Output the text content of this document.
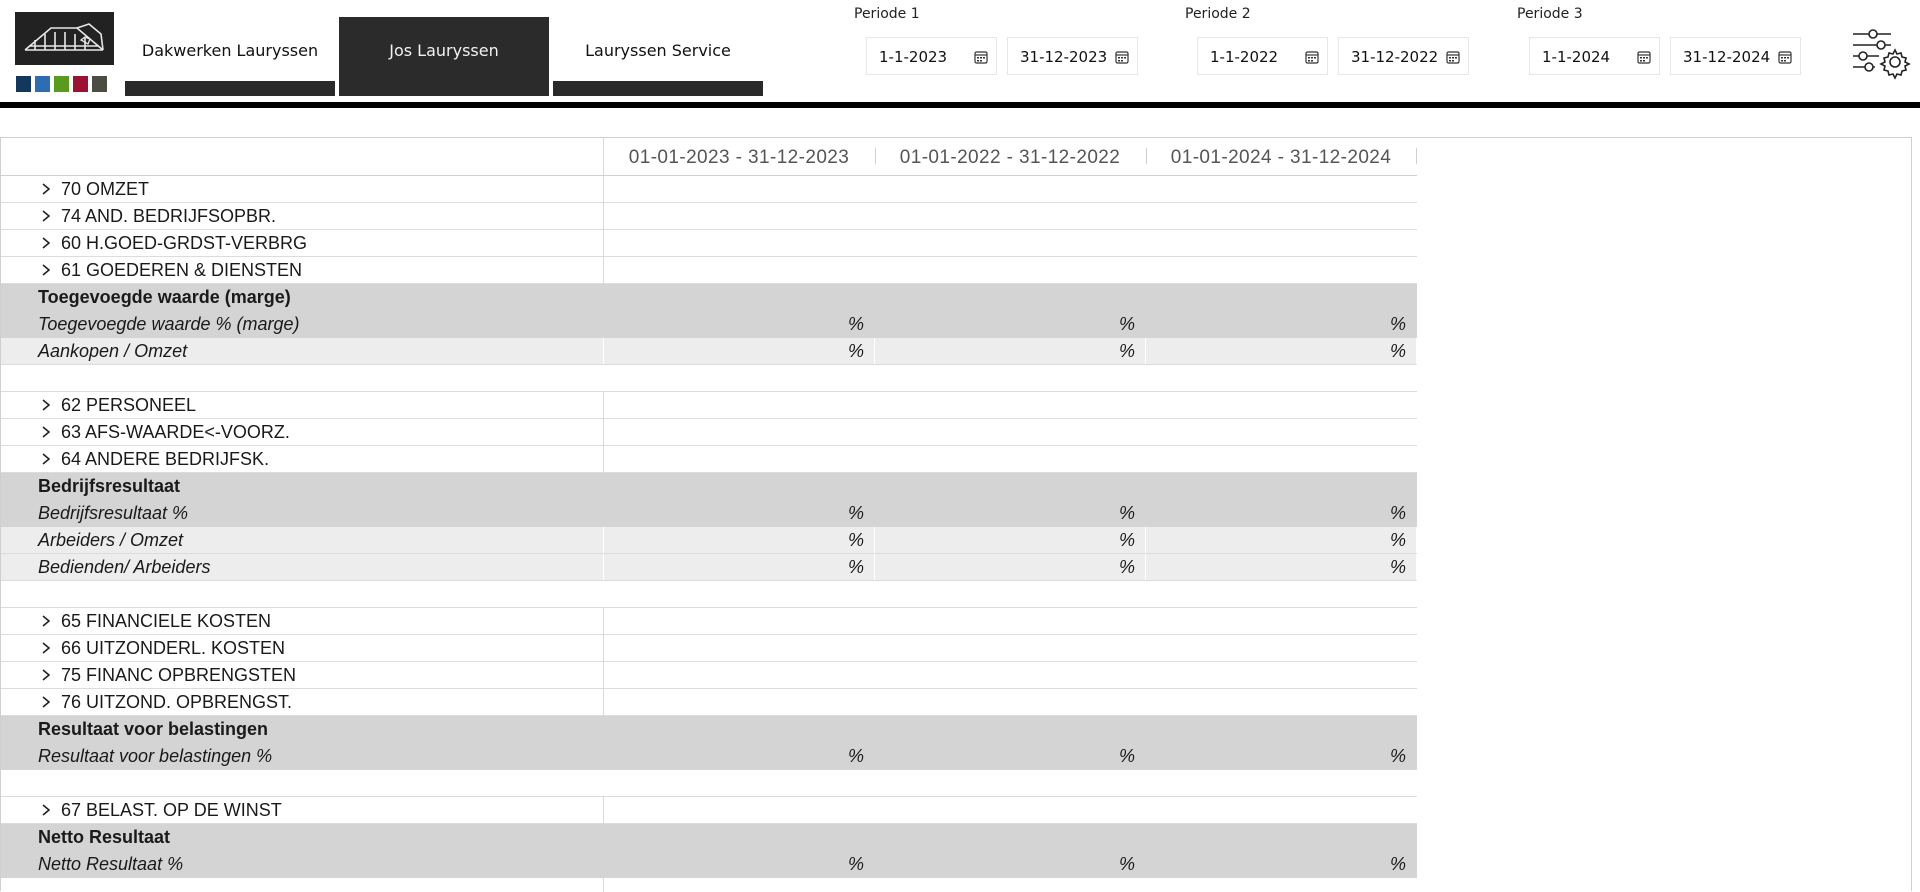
Dakwerken Lauryssen	Jos Lauryssen	Lauryssen Service
Periode 1
1-1-2023	31-12-2023
Periode 2
1-1-2022	31-12-2022
Periode 3
1-1-2024	31-12-2024
01-01-2023 - 31-12-2023	01-01-2022 - 31-12-2022	01-01-2024 - 31-12-2024
70 OMZET
74 AND. BEDRIJFSOPBR.
60 H.GOED-GRDST-VERBRG
61 GOEDEREN & DIENSTEN
Toegevoegde waarde (marge)
Toegevoegde waarde % (marge)	%	%	%
Aankopen / Omzet	%	%	%
62 PERSONEEL
63 AFS-WAARDE<-VOORZ.
64 ANDERE BEDRIJFSK.
Bedrijfsresultaat
Bedrijfsresultaat %	%	%	%
Arbeiders / Omzet	%	%	%
Bedienden/ Arbeiders	%	%	%
65 FINANCIELE KOSTEN
66 UITZONDERL. KOSTEN
75 FINANC OPBRENGSTEN
76 UITZOND. OPBRENGST.
Resultaat voor belastingen
Resultaat voor belastingen %	%	%	%
67 BELAST. OP DE WINST
Netto Resultaat
Netto Resultaat %	%	%	%
